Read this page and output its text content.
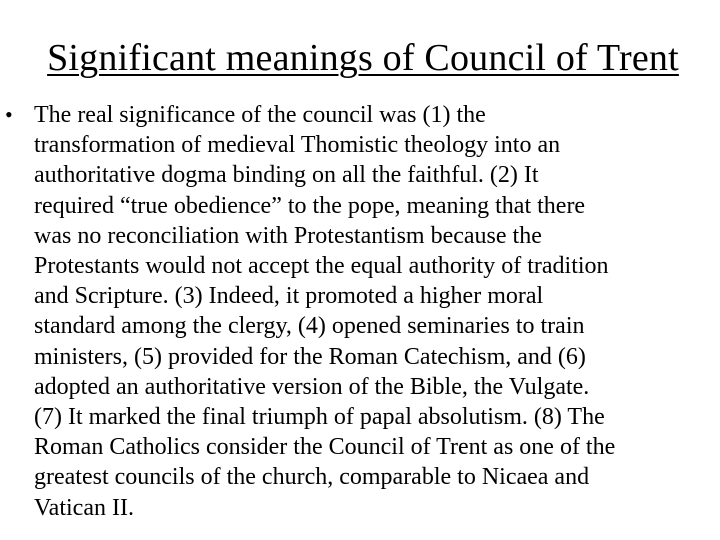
Significant meanings of Council of Trent
• The real significance of the council was (1) the
transformation of medieval Thomistic theology into an
authoritative dogma binding on all the faithful. (2) It
required “true obedience” to the pope, meaning that there
was no reconciliation with Protestantism because the
Protestants would not accept the equal authority of tradition
and Scripture. (3) Indeed, it promoted a higher moral
standard among the clergy, (4) opened seminaries to train
ministers, (5) provided for the Roman Catechism, and (6)
adopted an authoritative version of the Bible, the Vulgate.
(7) It marked the final triumph of papal absolutism. (8) The
Roman Catholics consider the Council of Trent as one of the
greatest councils of the church, comparable to Nicaea and
Vatican II.
